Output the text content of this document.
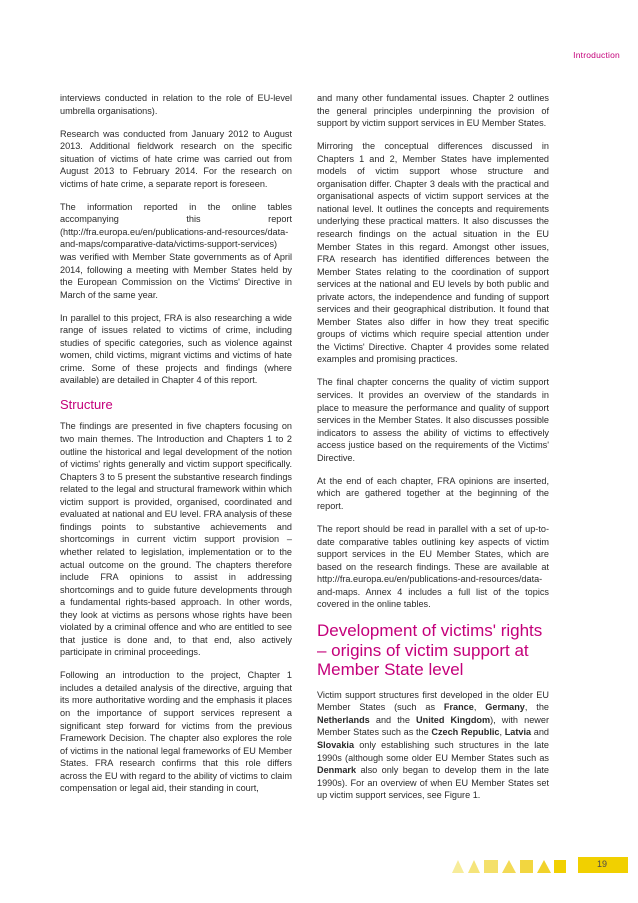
Introduction

interviews conducted in relation to the role of EU-level umbrella organisations).

Research was conducted from January 2012 to August 2013. Additional fieldwork research on the specific situation of victims of hate crime was carried out from August 2013 to February 2014. For the research on victims of hate crime, a separate report is foreseen.

The information reported in the online tables accompanying this report (http://fra.europa.eu/en/publications-and-resources/data-and-maps/comparative-data/victims-support-services) was verified with Member State governments as of April 2014, following a meeting with Member States held by the European Commission on the Victims' Directive in March of the same year.

In parallel to this project, FRA is also researching a wide range of issues related to victims of crime, including studies of specific categories, such as violence against women, child victims, migrant victims and victims of hate crime. Some of these projects and findings (where available) are detailed in Chapter 4 of this report.

Structure

The findings are presented in five chapters focusing on two main themes. The Introduction and Chapters 1 to 2 outline the historical and legal development of the notion of victims' rights generally and victim support specifically. Chapters 3 to 5 present the substantive research findings related to the legal and structural framework within which victim support is provided, organised, coordinated and evaluated at national and EU level. FRA analysis of these findings points to substantive achievements and shortcomings in current victim support provision – whether related to legislation, implementation or to the actual outcome on the ground. The chapters therefore include FRA opinions to assist in addressing shortcomings and to guide future developments through a fundamental rights-based approach. In other words, they look at victims as persons whose rights have been violated by a criminal offence and who are entitled to see that justice is done and, to that end, also actively participate in criminal proceedings.

Following an introduction to the project, Chapter 1 includes a detailed analysis of the directive, arguing that its more authoritative wording and the emphasis it places on the importance of support services represent a significant step forward for victims from the previous Framework Decision. The chapter also explores the role of victims in the national legal frameworks of EU Member States. FRA research confirms that this role differs across the EU with regard to the ability of victims to claim compensation or legal aid, their standing in court,

and many other fundamental issues. Chapter 2 outlines the general principles underpinning the provision of support by victim support services in EU Member States.

Mirroring the conceptual differences discussed in Chapters 1 and 2, Member States have implemented models of victim support whose structure and organisation differ. Chapter 3 deals with the practical and organisational aspects of victim support services at the national level. It outlines the concepts and requirements underlying these practical matters. It also discusses the research findings on the actual situation in the EU Member States in this regard. Amongst other issues, FRA research has identified differences between the Member States relating to the coordination of support services at the national and EU levels by both public and private actors, the independence and funding of support services and their geographical distribution. It found that Member States also differ in how they treat specific groups of victims which require special attention under the Victims' Directive. Chapter 4 provides some related examples and promising practices.

The final chapter concerns the quality of victim support services. It provides an overview of the standards in place to measure the performance and quality of support services in the Member States. It also discusses possible indicators to assess the ability of victims to effectively access justice based on the requirements of the Victims' Directive.

At the end of each chapter, FRA opinions are inserted, which are gathered together at the beginning of the report.

The report should be read in parallel with a set of up-to-date comparative tables outlining key aspects of victim support services in the EU Member States, which are based on the research findings. These are available at http://fra.europa.eu/en/publications-and-resources/data-and-maps. Annex 4 includes a full list of the topics covered in the online tables.

Development of victims' rights – origins of victim support at Member State level

Victim support structures first developed in the older EU Member States (such as France, Germany, the Netherlands and the United Kingdom), with newer Member States such as the Czech Republic, Latvia and Slovakia only establishing such structures in the late 1990s (although some older EU Member States such as Denmark also only began to develop them in the late 1990s). For an overview of when EU Member States set up victim support services, see Figure 1.

19
